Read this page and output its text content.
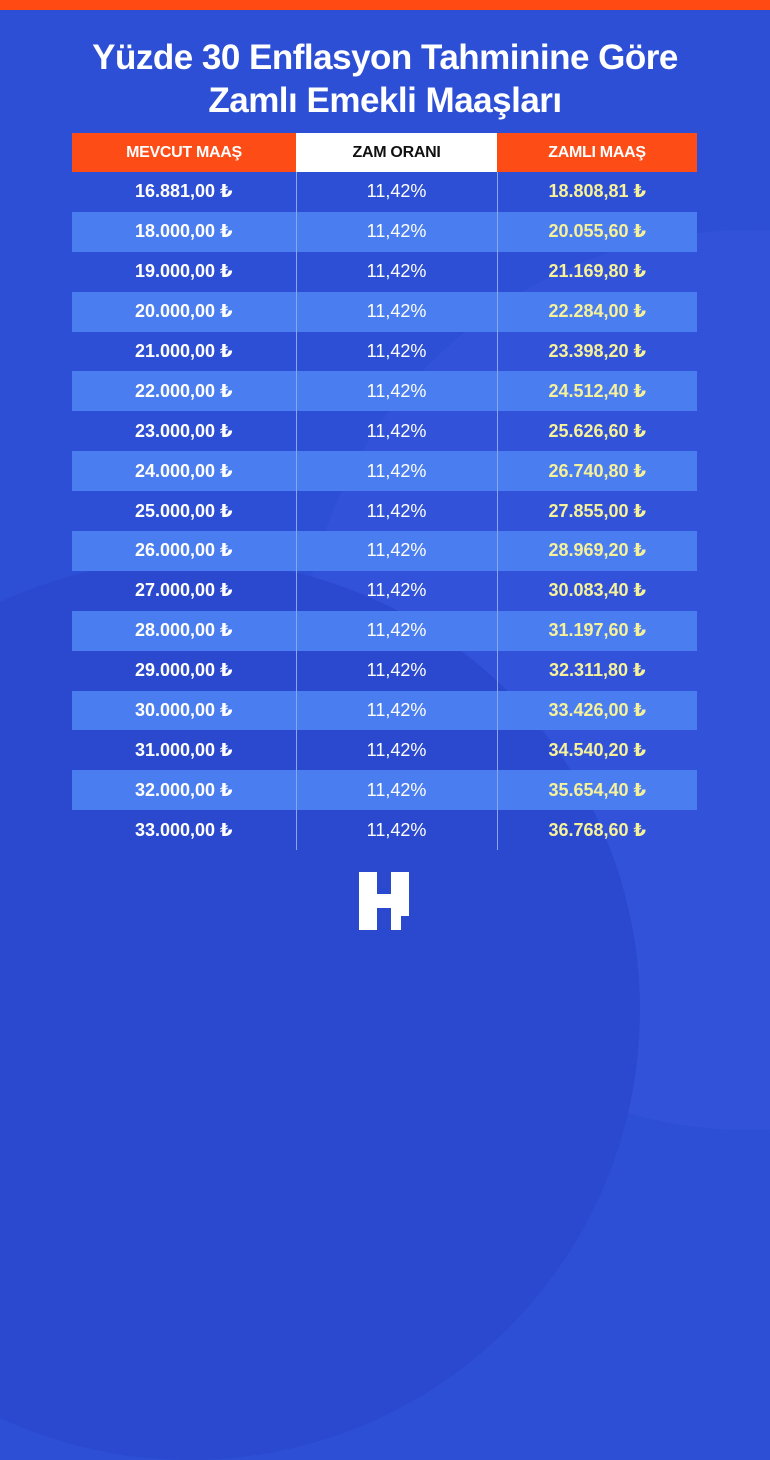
Yüzde 30 Enflasyon Tahminine Göre
Zamlı Emekli Maaşları
MEVCUT MAAŞ	ZAM ORANI	ZAMLI MAAŞ
16.881,00 ₺	11,42%	18.808,81 ₺
18.000,00 ₺	11,42%	20.055,60 ₺
19.000,00 ₺	11,42%	21.169,80 ₺
20.000,00 ₺	11,42%	22.284,00 ₺
21.000,00 ₺	11,42%	23.398,20 ₺
22.000,00 ₺	11,42%	24.512,40 ₺
23.000,00 ₺	11,42%	25.626,60 ₺
24.000,00 ₺	11,42%	26.740,80 ₺
25.000,00 ₺	11,42%	27.855,00 ₺
26.000,00 ₺	11,42%	28.969,20 ₺
27.000,00 ₺	11,42%	30.083,40 ₺
28.000,00 ₺	11,42%	31.197,60 ₺
29.000,00 ₺	11,42%	32.311,80 ₺
30.000,00 ₺	11,42%	33.426,00 ₺
31.000,00 ₺	11,42%	34.540,20 ₺
32.000,00 ₺	11,42%	35.654,40 ₺
33.000,00 ₺	11,42%	36.768,60 ₺
